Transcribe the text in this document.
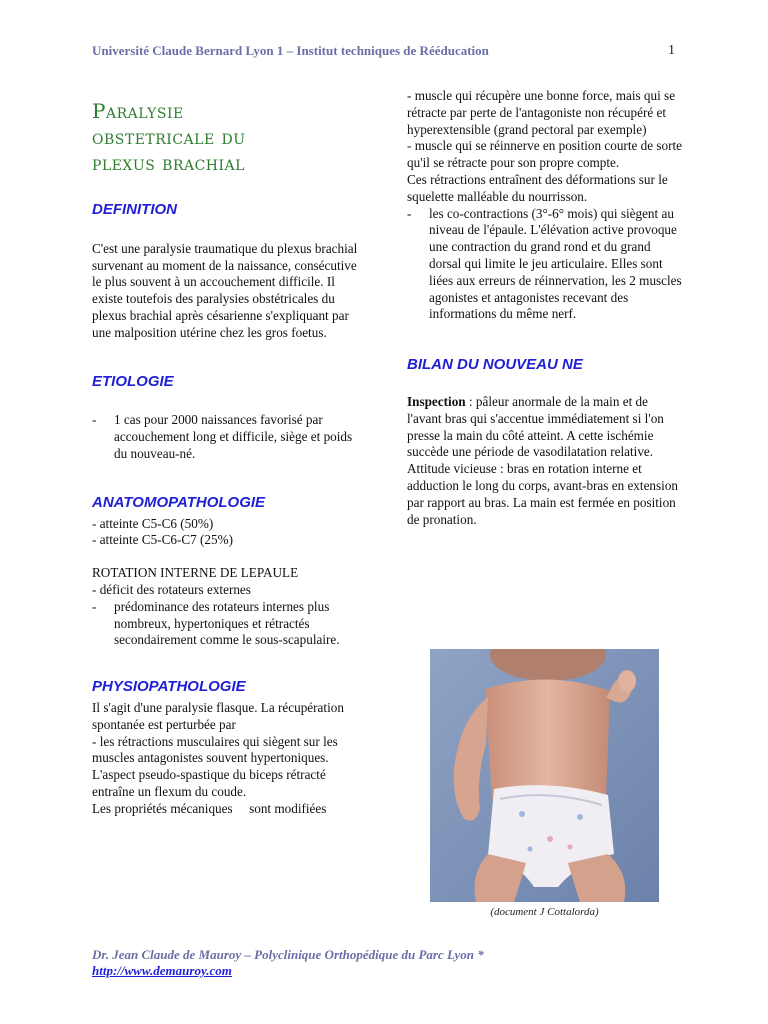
Université Claude Bernard Lyon 1 – Institut techniques de Rééducation	1
Paralysie
obstetricale du
plexus brachial
DEFINITION

C'est une paralysie traumatique du plexus brachial survenant au moment de la naissance, consécutive le plus souvent à un accouchement difficile. Il existe toutefois des paralysies obstétricales du plexus brachial après césarienne s'expliquant par une malposition utérine chez les gros foetus.

ETIOLOGIE
-	1 cas pour 2000 naissances favorisé par accouchement long et difficile, siège et poids du nouveau-né.
ANATOMOPATHOLOGIE

- atteinte C5-C6 (50%)

- atteinte C5-C6-C7 (25%)

ROTATION INTERNE DE LEPAULE

- déficit des rotateurs externes

-	prédominance des rotateurs internes plus nombreux, hypertoniques et rétractés secondairement comme le sous-scapulaire.
PHYSIOPATHOLOGIE

Il s'agit d'une paralysie flasque. La récupération spontanée est perturbée par

- les rétractions musculaires qui siègent sur les muscles antagonistes souvent hypertoniques. L'aspect pseudo-spastique du biceps rétracté entraîne un flexum du coude.

Les propriétés mécaniques     sont modifiées

- muscle qui récupère une bonne force, mais qui se rétracte par perte de l'antagoniste non récupéré et hyperextensible (grand pectoral par exemple)

- muscle qui se réinnerve en position courte de sorte qu'il se rétracte pour son propre compte.

Ces rétractions entraînent des déformations sur le squelette malléable du nourrisson.

-	les co-contractions (3°-6° mois) qui siègent au niveau de l'épaule. L'élévation active provoque une contraction du grand rond et du grand dorsal qui limite le jeu articulaire. Elles sont liées aux erreurs de réinnervation, les 2 muscles agonistes et antagonistes recevant des informations du même nerf.
BILAN DU NOUVEAU NE

Inspection : pâleur anormale de la main et de l'avant bras qui s'accentue immédiatement si l'on presse la main du côté atteint. A cette ischémie succède une période de vasodilatation relative. Attitude vicieuse : bras en rotation interne et adduction le long du corps, avant-bras en extension par rapport au bras. La main est fermée en position de pronation.

(document J Cottalorda)
Dr. Jean Claude de Mauroy – Polyclinique Orthopédique du Parc Lyon *
http://www.demauroy.com
